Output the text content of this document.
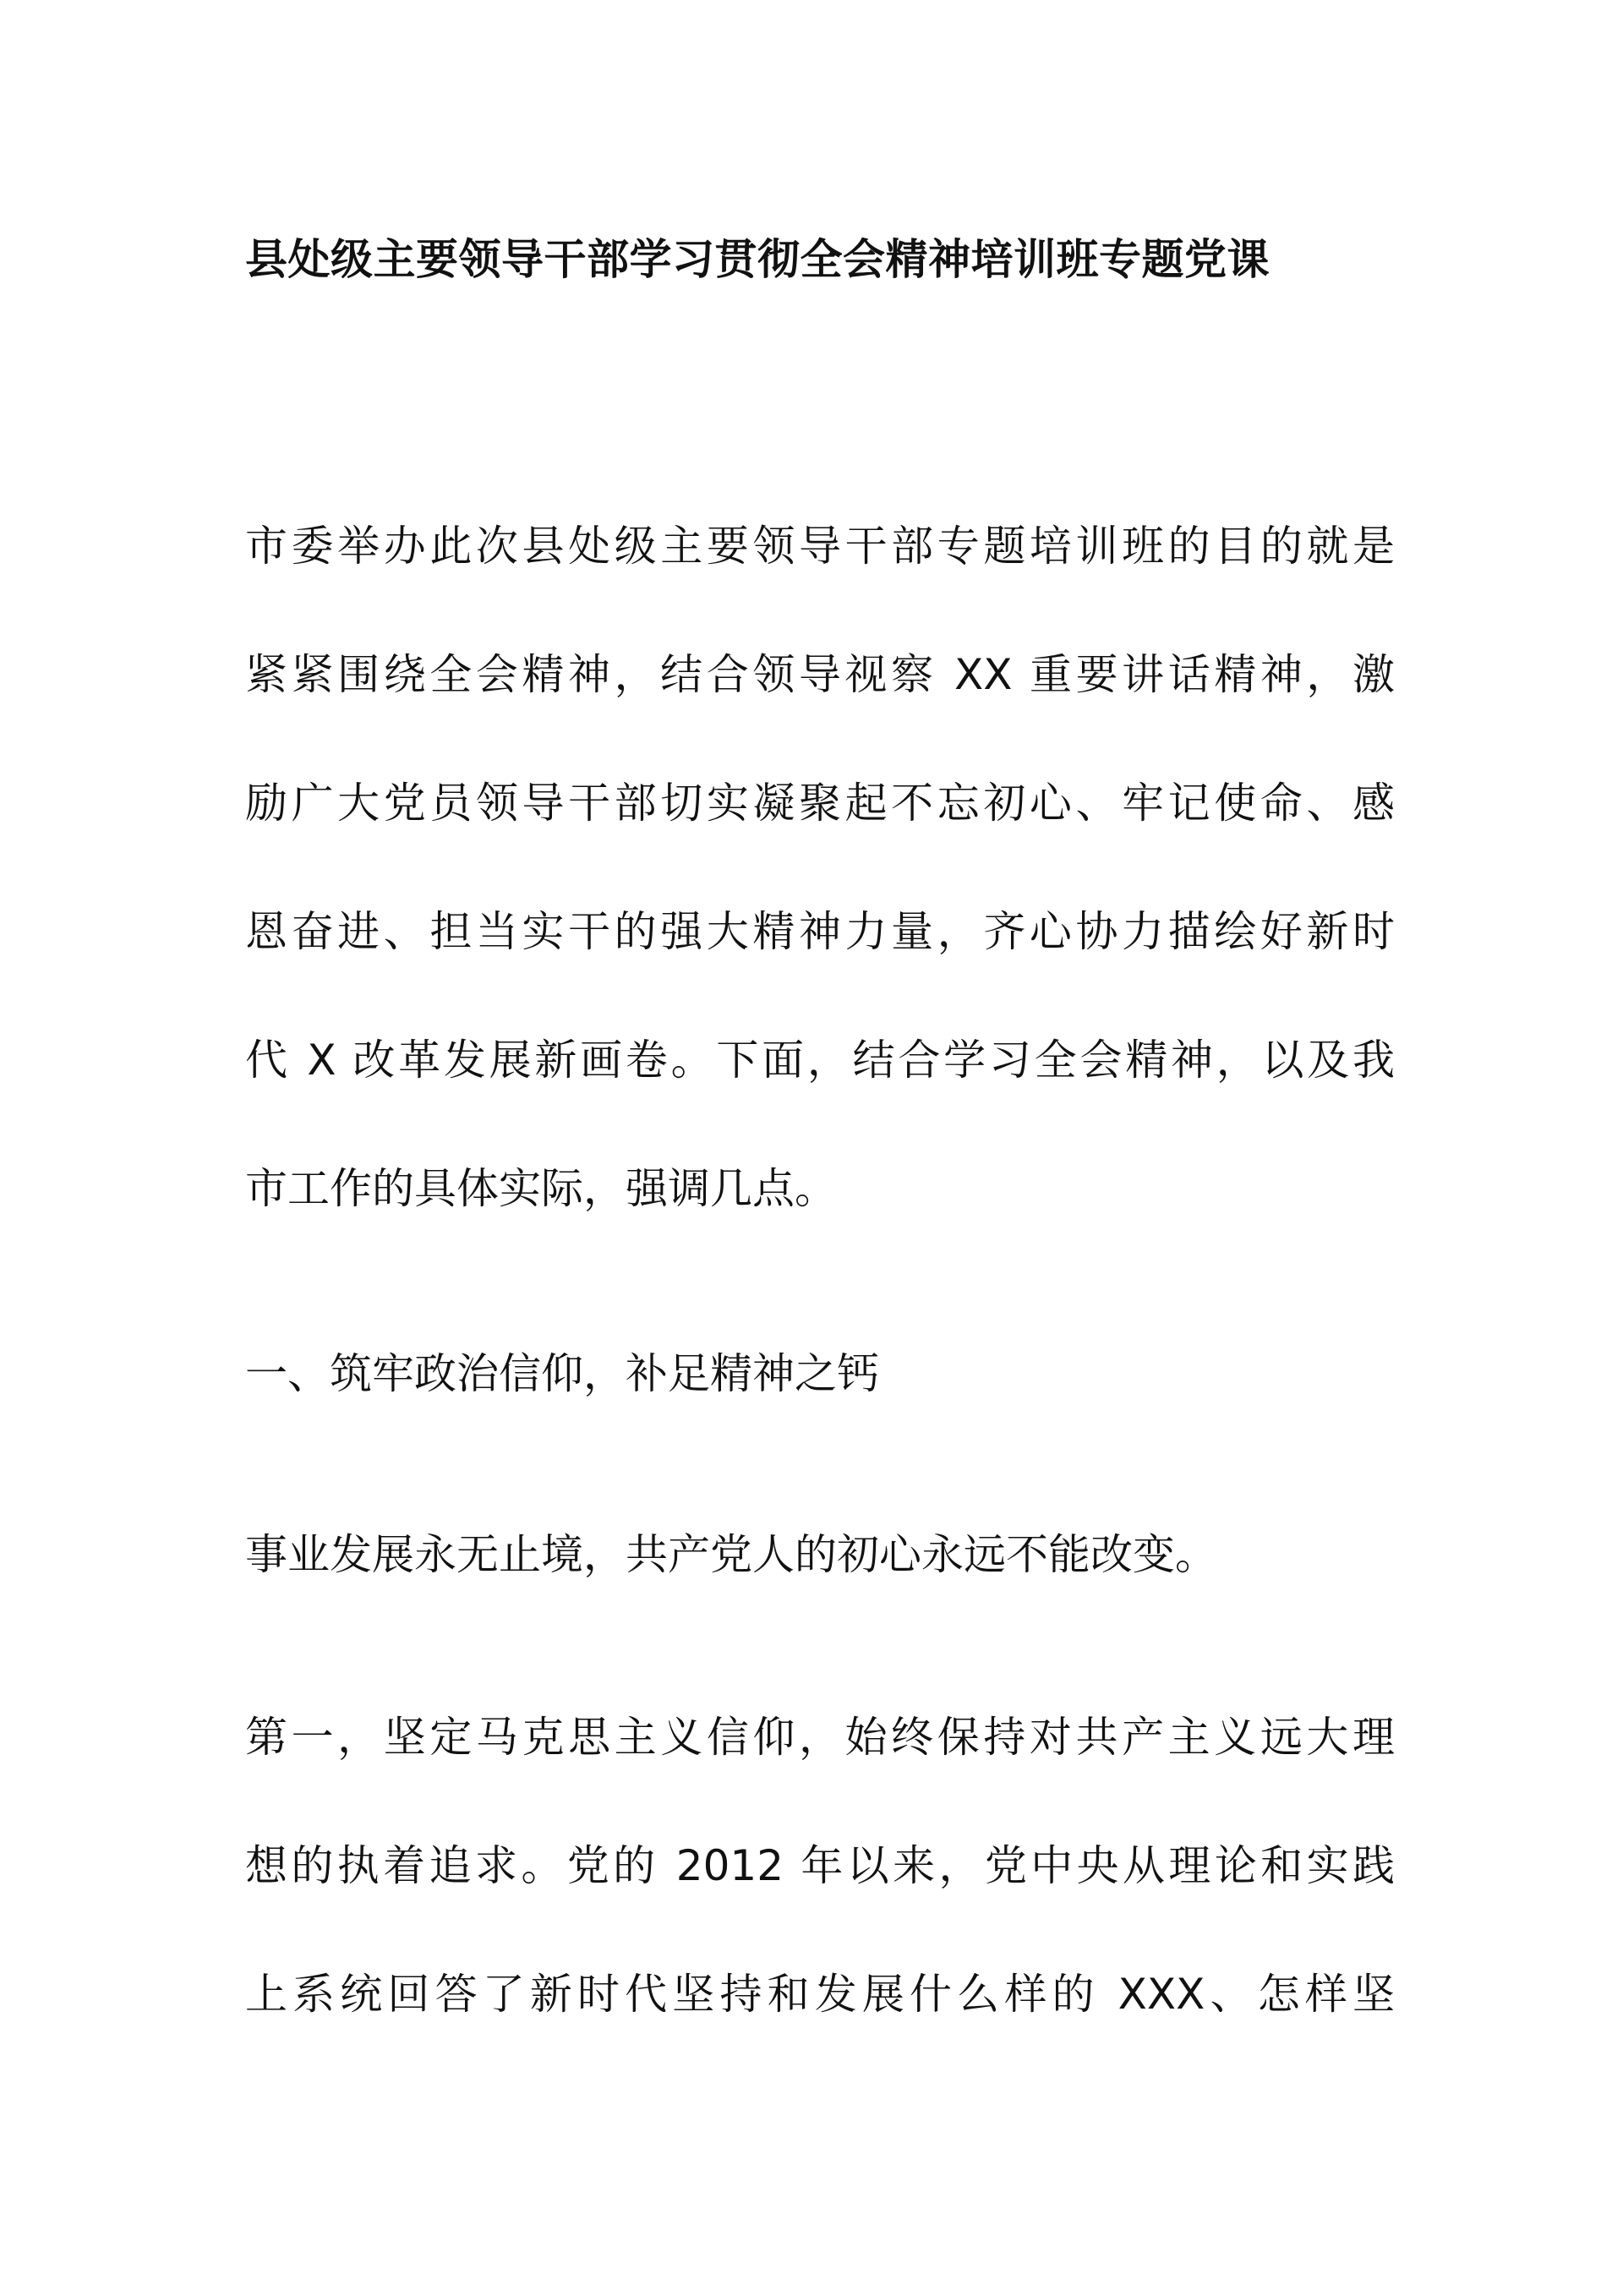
县处级主要领导干部学习贯彻全会精神培训班专题党课
市委举办此次县处级主要领导干部专题培训班的目的就是
紧紧围绕全会精神，结合领导视察 XX 重要讲话精神，激
励广大党员领导干部切实凝聚起不忘初心、牢记使命、感
恩奋进、担当实干的强大精神力量，齐心协力描绘好新时
代 X 改革发展新画卷。下面，结合学习全会精神，以及我
市工作的具体实际，强调几点。
一、筑牢政治信仰，补足精神之钙
事业发展永无止境，共产党人的初心永远不能改变。
第一，坚定马克思主义信仰，始终保持对共产主义远大理
想的执着追求。党的 2012 年以来，党中央从理论和实践
上系统回答了新时代坚持和发展什么样的 XXX、怎样坚
